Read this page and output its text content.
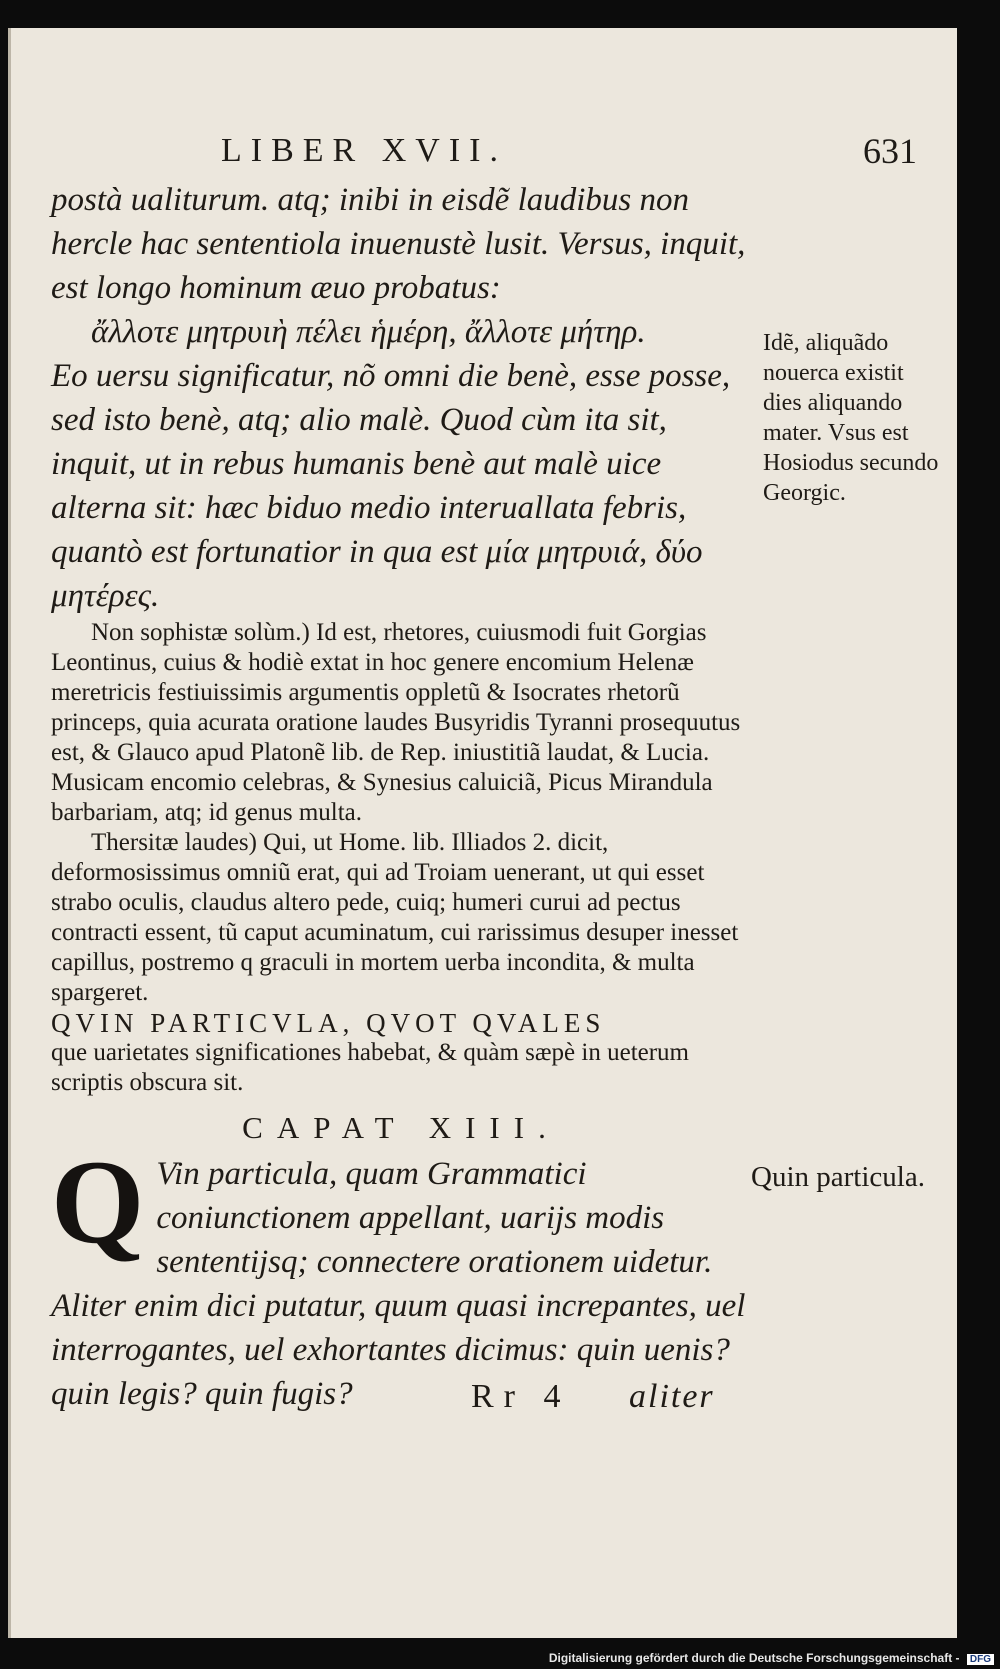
LIBER XVII.	631

postà ualiturum. atq; inibi in eisdẽ laudibus non hercle hac sententiola inuenustè lusit. Versus, inquit, est longo hominum æuo probatus:

ἄλλοτε μητρυιὴ πέλει ἡμέρη, ἄλλοτε μήτηρ.

Eo uersu significatur, nõ omni die benè, esse posse, sed isto benè, atq; alio malè. Quod cùm ita sit, inquit, ut in rebus humanis benè aut malè uice alterna sit: hæc biduo medio interuallata febris, quantò est fortunatior in qua est μία μητρυιά, δύο μητέρες.

Non sophistæ solùm.) Id est, rhetores, cuiusmodi fuit Gorgias Leontinus, cuius & hodiè extat in hoc genere encomium Helenæ meretricis festiuissimis argumentis oppletũ & Isocrates rhetorũ princeps, quia acurata oratione laudes Busyridis Tyranni prosequutus est, & Glauco apud Platonẽ lib. de Rep. iniustitiã laudat, & Lucia. Musicam encomio celebras, & Synesius caluiciã, Picus Mirandula barbariam, atq; id genus multa.

Thersitæ laudes) Qui, ut Home. lib. Illiados 2. dicit, deformosissimus omniũ erat, qui ad Troiam uenerant, ut qui esset strabo oculis, claudus altero pede, cuiq; humeri curui ad pectus contracti essent, tũ caput acuminatum, cui rarissimus desuper inesset capillus, postremo q graculi in mortem uerba incondita, & multa spargeret.

QVIN PARTICVLA, QVOT QVALES

que uarietates significationes habebat, & quàm sæpè in ueterum scriptis obscura sit.

CAPAT XIII.

Q Vin particula, quam Grammatici coniunctionem appellant, uarijs modis sententijsq; connectere orationem uidetur. Aliter enim dici putatur, quum quasi increpantes, uel interrogantes, uel exhortantes dicimus: quin uenis? quin legis? quin fugis?

Idẽ, aliquãdo nouerca existit dies aliquando mater. Vsus est Hosiodus secundo Georgic.
Quin particula.
Rr 4 aliter
Digitalisierung gefördert durch die Deutsche Forschungsgemeinschaft - DFG
